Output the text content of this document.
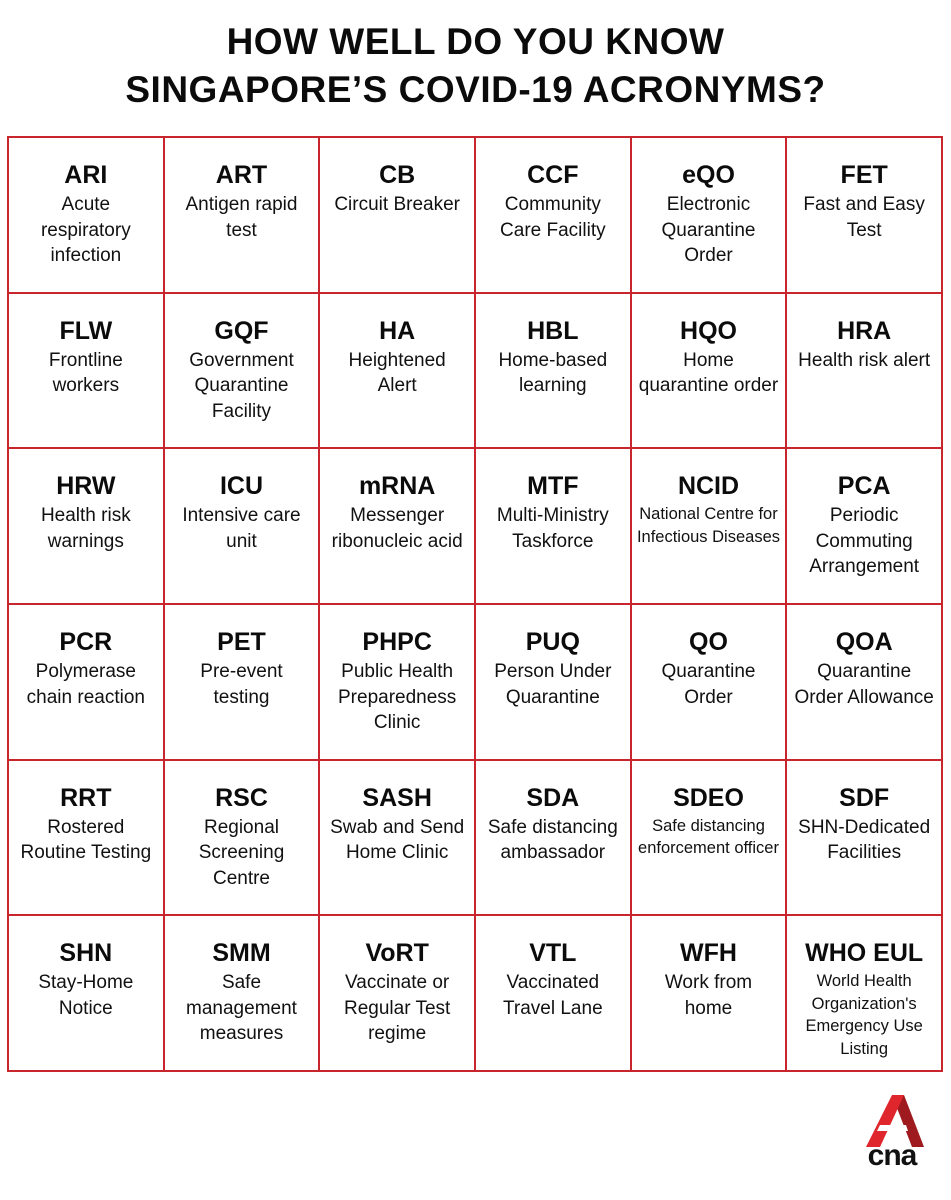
HOW WELL DO YOU KNOW
SINGAPORE’S COVID-19 ACRONYMS?
ARI
Acute respiratory infection
ART
Antigen rapid test
CB
Circuit Breaker
CCF
Community Care Facility
eQO
Electronic Quarantine Order
FET
Fast and Easy Test
FLW
Frontline workers
GQF
Government Quarantine Facility
HA
Heightened Alert
HBL
Home-based learning
HQO
Home quarantine order
HRA
Health risk alert
HRW
Health risk warnings
ICU
Intensive care unit
mRNA
Messenger ribonucleic acid
MTF
Multi-Ministry Taskforce
NCID
National Centre for Infectious Diseases
PCA
Periodic Commuting Arrangement
PCR
Polymerase chain reaction
PET
Pre-event testing
PHPC
Public Health Preparedness Clinic
PUQ
Person Under Quarantine
QO
Quarantine Order
QOA
Quarantine Order Allowance
RRT
Rostered Routine Testing
RSC
Regional Screening Centre
SASH
Swab and Send Home Clinic
SDA
Safe distancing ambassador
SDEO
Safe distancing enforcement officer
SDF
SHN-Dedicated Facilities
SHN
Stay-Home Notice
SMM
Safe management measures
VoRT
Vaccinate or Regular Test regime
VTL
Vaccinated Travel Lane
WFH
Work from home
WHO EUL
World Health Organization's Emergency Use Listing
cna
